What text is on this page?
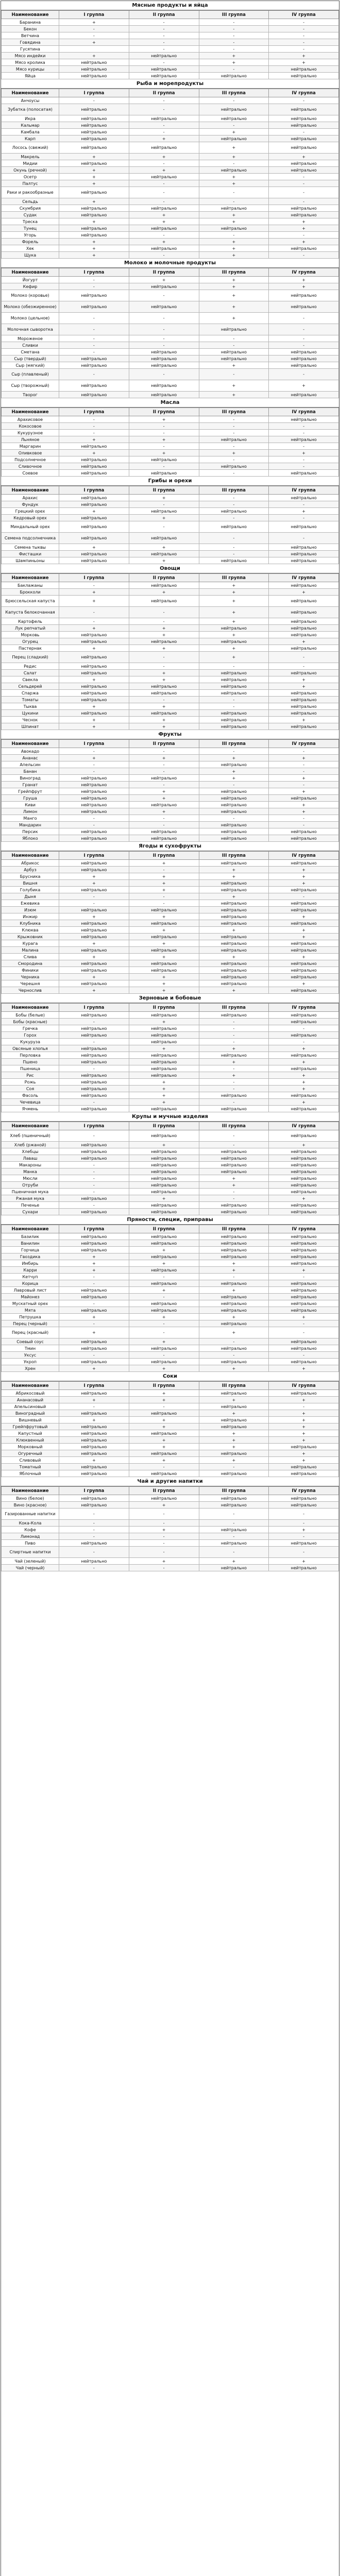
Мясные продукты и яйца
Наименование	I группа	II группа	III группа	IV группа
Баранина	+	-	-	-
Бекон	-	-	-	-
Ветчина	-	-	-	-
Говядина	+	-	-	-
Гусятина		-	-	-
Мясо индейки	+	нейтрально	+	+
Мясо кролика	нейтрально	-	+	+
Мясо курицы	нейтрально	нейтрально	-	нейтрально
Яйца	нейтрально	нейтрально	нейтрально	нейтрально
Рыба и морепродукты
Наименование	I группа	II группа	III группа	IV группа
Анчоусы	-	-	-	-
Зубатка (полосатая)	нейтрально	-	нейтрально	нейтрально
Икра	нейтрально	нейтрально	нейтрально	нейтрально
Кальмар	нейтрально	-	-	нейтрально
Камбала	нейтрально	-	+	-
Карп	нейтрально	+	нейтрально	нейтрально
Лосось (свежий)	нейтрально	нейтрально	+	нейтрально
Макрель	+	+	+	+
Мидии	нейтрально	-	-	нейтрально
Окунь (речной)	+	+	нейтрально	нейтрально
Осетр	+	нейтрально	+	-
Палтус	+	-	+	-
Раки и ракообразные	нейтрально	-	-	-
Сельдь	+	-	-	-
Скумбрия	нейтрально	нейтрально	нейтрально	нейтрально
Судак	нейтрально	+	+	нейтрально
Треска	+	+	+	+
Тунец	нейтрально	нейтрально	нейтрально	+
Угорь	нейтрально	-	-	-
Форель	+	+	+	+
Хек	+	нейтрально	+	нейтрально
Щука	+	-	+	-
Молоко и молочные продукты
Наименование	I группа	II группа	III группа	IV группа
Йогурт	-	+	+	+
Кефир	-	нейтрально	+	+
Молоко (коровье)	нейтрально	-	+	нейтрально
Молоко (обезжиренное)	нейтрально	нейтрально	+	нейтрально
Молоко (цельное)	-	-	+	-
Молочная сыворотка	-	-	нейтрально	-
Мороженое	-	-	-	-
Сливки	-	-	-	-
Сметана	-	нейтрально	нейтрально	нейтрально
Сыр (твердый)	нейтрально	нейтрально	нейтрально	нейтрально
Сыр (мягкий)	нейтрально	нейтрально	+	нейтрально
Сыр (плавленый)	-	-	-	-
Сыр (творожный)	нейтрально	нейтрально	+	+
Творог	нейтрально	нейтрально	+	нейтрально
Масла
Наименование	I группа	II группа	III группа	IV группа
Арахисовое	-	+	-	нейтрально
Кокосовое	-	-	-	-
Кукурузное	-	-	-	-
Льняное	+	+	нейтрально	нейтрально
Маргарин	нейтрально	-	-	-
Оливковое	+	+	+	+
Подсолнечное	нейтрально	нейтрально	-	-
Сливочное	нейтрально	-	нейтрально	-
Соевое	нейтрально	нейтрально	-	нейтрально
Грибы и орехи
Наименование	I группа	II группа	III группа	IV группа
Арахис	нейтрально	+	-	нейтрально
Фундук	нейтрально	-	-	-
Грецкий орех	+	нейтрально	нейтрально	+
Кедровый орех	нейтрально	+	-	-
Миндальный орех	нейтрально	-	нейтрально	нейтрально
Семена подсолнечника	нейтрально	нейтрально	-	-
Семена тыквы	+	+	-	нейтрально
Фисташки	нейтрально	нейтрально	-	нейтрально
Шампиньоны	нейтрально	+	нейтрально	нейтрально
Овощи
Наименование	I группа	II группа	III группа	IV группа
Баклажаны	-	нейтрально	+	нейтрально
Брокколи	+	+	+	+
Брюссельская капуста	+	нейтрально	+	нейтрально
Капуста белокочанная	-	-	+	нейтрально
Картофель	-	-	+	нейтрально
Лук репчатый	+	+	нейтрально	нейтрально
Морковь	нейтрально	+	+	нейтрально
Огурец	нейтрально	нейтрально	нейтрально	+
Пастернак	+	+	+	нейтрально
Перец (сладкий)	нейтрально	-	+	-
Редис	нейтрально	-	-	-
Салат	нейтрально	+	нейтрально	нейтрально
Свекла	+	+	нейтрально	+
Сельдерей	нейтрально	нейтрально	нейтрально	+
Спаржа	нейтрально	нейтрально	нейтрально	нейтрально
Томаты	нейтрально	-	-	нейтрально
Тыква	+	+	-	нейтрально
Цукини	нейтрально	нейтрально	нейтрально	нейтрально
Чеснок	+	+	нейтрально	+
Шпинат	+	+	нейтрально	нейтрально
Фрукты
Наименование	I группа	II группа	III группа	IV группа
Авокадо	-	-	-	-
Ананас	+	+	+	+
Апельсин	-	-	нейтрально	-
Банан	-	-	+	-
Виноград	нейтрально	нейтрально	+	+
Гранат	нейтрально	-	-	-
Грейпфрут	нейтрально	+	нейтрально	+
Груша	нейтрально	+	нейтрально	нейтрально
Киви	нейтрально	нейтрально	нейтрально	+
Лимон	нейтрально	+	нейтрально	+
Манго	-	-	-	-
Мандарин	-	-	нейтрально	-
Персик	нейтрально	нейтрально	нейтрально	нейтрально
Яблоко	нейтрально	нейтрально	нейтрально	нейтрально
Ягоды и сухофрукты
Наименование	I группа	II группа	III группа	IV группа
Абрикос	нейтрально	+	нейтрально	нейтрально
Арбуз	нейтрально	-	+	+
Брусника	+	+	+	+
Вишня	+	+	нейтрально	+
Голубика	нейтрально	+	нейтрально	нейтрально
Дыня	-	-	+	-
Ежевика	-	-	нейтрально	нейтрально
Изюм	нейтрально	нейтрально	нейтрально	нейтрально
Инжир	+	+	нейтрально	+
Клубника	нейтрально	нейтрально	нейтрально	нейтрально
Клюква	нейтрально	+	+	+
Крыжовник	нейтрально	нейтрально	нейтрально	+
Курага	+	+	нейтрально	нейтрально
Малина	нейтрально	нейтрально	нейтрально	нейтрально
Слива	+	+	+	+
Смородина	нейтрально	нейтрально	нейтрально	нейтрально
Финики	нейтрально	нейтрально	нейтрально	нейтрально
Черника	+	+	нейтрально	нейтрально
Черешня	нейтрально	+	нейтрально	+
Чернослив	+	+	+	нейтрально
Зерновые и бобовые
Наименование	I группа	II группа	III группа	IV группа
Бобы (белые)	нейтрально	нейтрально	нейтрально	нейтрально
Бобы (красные)	-	+	-	нейтрально
Гречка	нейтрально	нейтрально	-	-
Горох	нейтрально	нейтрально	-	нейтрально
Кукуруза	-	нейтрально	-	-
Овсяные хлопья	нейтрально	+	+	+
Перловка	нейтрально	нейтрально	нейтрально	нейтрально
Пшено	нейтрально	нейтрально	+	+
Пшеница	-	нейтрально	-	нейтрально
Рис	нейтрально	нейтрально	+	+
Рожь	нейтрально	+	-	+
Соя	нейтрально	+	-	+
Фасоль	нейтрально	+	нейтрально	нейтрально
Чечевица	-	+	-	+
Ячмень	нейтрально	нейтрально	нейтрально	нейтрально
Крупы и мучные изделия
Наименование	I группа	II группа	III группа	IV группа
Хлеб (пшеничный)	-	нейтрально	-	нейтрально
Хлеб (ржаной)	нейтрально	+	-	+
Хлебцы	нейтрально	нейтрально	нейтрально	нейтрально
Лаваш	нейтрально	нейтрально	нейтрально	нейтрально
Макароны	-	нейтрально	нейтрально	нейтрально
Манка	-	нейтрально	нейтрально	нейтрально
Мюсли	-	нейтрально	+	нейтрально
Отруби	-	нейтрально	+	нейтрально
Пшеничная мука	-	нейтрально	-	нейтрально
Ржаная мука	нейтрально	+	-	+
Печенье	-	нейтрально	нейтрально	нейтрально
Сухари	нейтрально	нейтрально	нейтрально	нейтрально
Пряности, специи, приправы
Наименование	I группа	II группа	III группа	IV группа
Базилик	нейтрально	нейтрально	нейтрально	нейтрально
Ванилин	нейтрально	нейтрально	нейтрально	нейтрально
Горчица	нейтрально	+	нейтрально	нейтрально
Гвоздика	+	нейтрально	нейтрально	нейтрально
Имбирь	+	+	+	нейтрально
Карри	+	нейтрально	+	+
Кетчуп	-	-	-	-
Корица	-	нейтрально	нейтрально	нейтрально
Лавровый лист	нейтрально	+	+	нейтрально
Майонез	нейтрально	-	нейтрально	нейтрально
Мускатный орех	-	нейтрально	нейтрально	нейтрально
Мята	нейтрально	нейтрально	нейтрально	нейтрально
Петрушка	+	+	+	+
Перец (черный)	-	-	нейтрально	-
Перец (красный)	+	-	+	-
Соевый соус	нейтрально	+	-	нейтрально
Тмин	нейтрально	нейтрально	нейтрально	нейтрально
Уксус	-	-	-	-
Укроп	нейтрально	нейтрально	нейтрально	нейтрально
Хрен	+	+	+	+
Соки
Наименование	I группа	II группа	III группа	IV группа
Абрикосовый	нейтрально	+	нейтрально	нейтрально
Ананасовый	+	+	+	+
Апельсиновый	-	-	нейтрально	-
Виноградный	нейтрально	нейтрально	+	+
Вишневый	+	+	нейтрально	+
Грейпфрутовый	нейтрально	+	нейтрально	+
Капустный	нейтрально	нейтрально	+	+
Клюквенный	нейтрально	+	+	+
Морковный	нейтрально	+	+	нейтрально
Огуречный	нейтрально	нейтрально	нейтрально	+
Сливовый	+	+	+	+
Томатный	нейтрально	-	-	нейтрально
Яблочный	нейтрально	нейтрально	нейтрально	нейтрально
Чай и другие напитки
Наименование	I группа	II группа	III группа	IV группа
Вино (белое)	нейтрально	нейтрально	нейтрально	нейтрально
Вино (красное)	нейтрально	+	нейтрально	нейтрально
Газированные напитки	-	-	-	-
Кока-Кола	-	-	-	-
Кофе	-	+	нейтрально	+
Лимонад	-	-	-	-
Пиво	нейтрально	-	нейтрально	нейтрально
Спиртные напитки	-	-	-	-
Чай (зеленый)	нейтрально	+	+	+
Чай (черный)	-	-	нейтрально	нейтрально
